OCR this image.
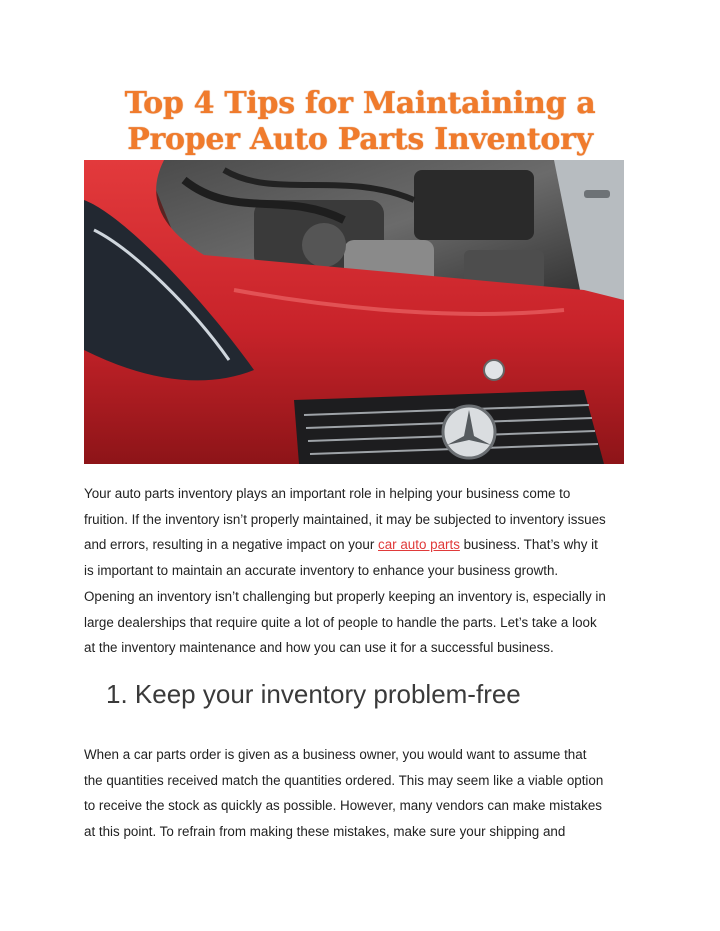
Top 4 Tips for Maintaining a
Proper Auto Parts Inventory
Your auto parts inventory plays an important role in helping your business come to
fruition. If the inventory isn’t properly maintained, it may be subjected to inventory issues
and errors, resulting in a negative impact on your car auto parts business. That’s why it
is important to maintain an accurate inventory to enhance your business growth.
Opening an inventory isn’t challenging but properly keeping an inventory is, especially in
large dealerships that require quite a lot of people to handle the parts. Let’s take a look
at the inventory maintenance and how you can use it for a successful business.
1. Keep your inventory problem-free
When a car parts order is given as a business owner, you would want to assume that
the quantities received match the quantities ordered. This may seem like a viable option
to receive the stock as quickly as possible. However, many vendors can make mistakes
at this point. To refrain from making these mistakes, make sure your shipping and
